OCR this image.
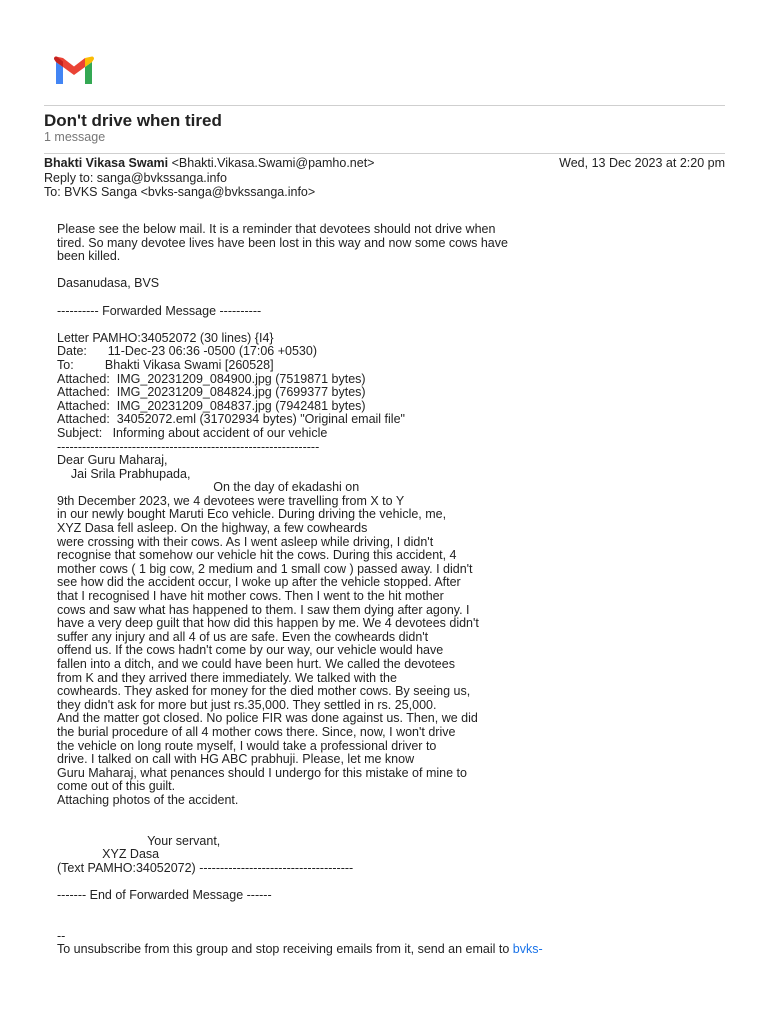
Don't drive when tired
1 message
Bhakti Vikasa Swami <Bhakti.Vikasa.Swami@pamho.net>	Wed, 13 Dec 2023 at 2:20 pm
Reply to: sanga@bvkssanga.info
To: BVKS Sanga <bvks-sanga@bvkssanga.info>
Please see the below mail. It is a reminder that devotees should not drive when
tired. So many devotee lives have been lost in this way and now some cows have
been killed.

Dasanudasa, BVS

---------- Forwarded Message ----------

Letter PAMHO:34052072 (30 lines) {I4}
Date:      11-Dec-23 06:36 -0500 (17:06 +0530)
To:         Bhakti Vikasa Swami [260528]
Attached:  IMG_20231209_084900.jpg (7519871 bytes)
Attached:  IMG_20231209_084824.jpg (7699377 bytes)
Attached:  IMG_20231209_084837.jpg (7942481 bytes)
Attached:  34052072.eml (31702934 bytes) "Original email file"
Subject:   Informing about accident of our vehicle
---------------------------------------------------------------
Dear Guru Maharaj,
Jai Srila Prabhupada,
On the day of ekadashi on
9th December 2023, we 4 devotees were travelling from X to Y
in our newly bought Maruti Eco vehicle. During driving the vehicle, me,
XYZ Dasa fell asleep. On the highway, a few cowheards
were crossing with their cows. As I went asleep while driving, I didn't
recognise that somehow our vehicle hit the cows. During this accident, 4
mother cows ( 1 big cow, 2 medium and 1 small cow ) passed away. I didn't
see how did the accident occur, I woke up after the vehicle stopped. After
that I recognised I have hit mother cows. Then I went to the hit mother
cows and saw what has happened to them. I saw them dying after agony. I
have a very deep guilt that how did this happen by me. We 4 devotees didn't
suffer any injury and all 4 of us are safe. Even the cowheards didn't
offend us. If the cows hadn't come by our way, our vehicle would have
fallen into a ditch, and we could have been hurt. We called the devotees
from K and they arrived there immediately. We talked with the
cowheards. They asked for money for the died mother cows. By seeing us,
they didn't ask for more but just rs.35,000. They settled in rs. 25,000.
And the matter got closed. No police FIR was done against us. Then, we did
the burial procedure of all 4 mother cows there. Since, now, I won't drive
the vehicle on long route myself, I would take a professional driver to
drive. I talked on call with HG ABC prabhuji. Please, let me know
Guru Maharaj, what penances should I undergo for this mistake of mine to
come out of this guilt.
Attaching photos of the accident.

Your servant,
XYZ Dasa
(Text PAMHO:34052072) -------------------------------------

------- End of Forwarded Message ------

--
To unsubscribe from this group and stop receiving emails from it, send an email to bvks-
